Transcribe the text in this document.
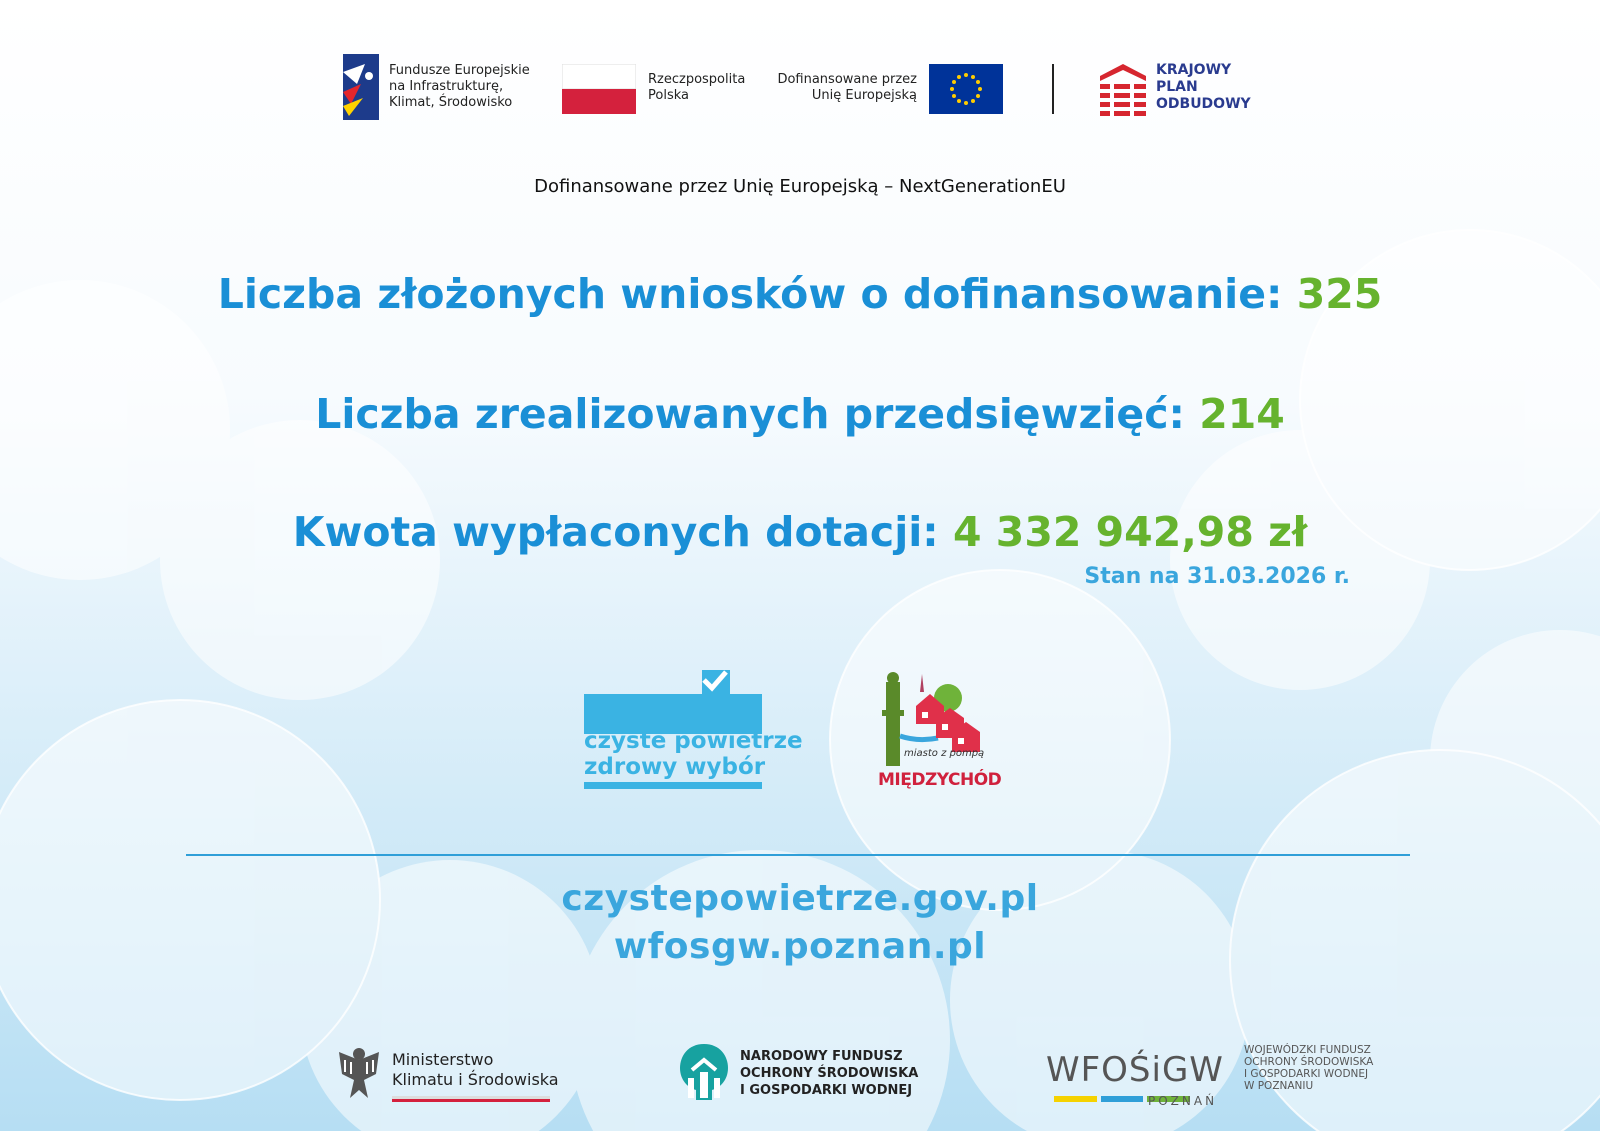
Fundusze Europejskie
na Infrastrukturę,
Klimat, Środowisko
Rzeczpospolita
Polska
Dofinansowane przez
Unię Europejską
KRAJOWY
PLAN
ODBUDOWY
Dofinansowane przez Unię Europejską – NextGenerationEU
Liczba złożonych wniosków o dofinansowanie: 325
Liczba zrealizowanych przedsięwzięć: 214
Kwota wypłaconych dotacji: 4 332 942,98 zł
Stan na 31.03.2026 r.
czyste powietrze
zdrowy wybór
miasto z pompą
MIĘDZYCHÓD
czystepowietrze.gov.pl
wfosgw.poznan.pl
Ministerstwo
Klimatu i Środowiska
NARODOWY FUNDUSZ
OCHRONY ŚRODOWISKA
I GOSPODARKI WODNEJ
WFOŚiGW
POZNAŃ
WOJEWÓDZKI FUNDUSZ
OCHRONY ŚRODOWISKA
I GOSPODARKI WODNEJ
W POZNANIU
